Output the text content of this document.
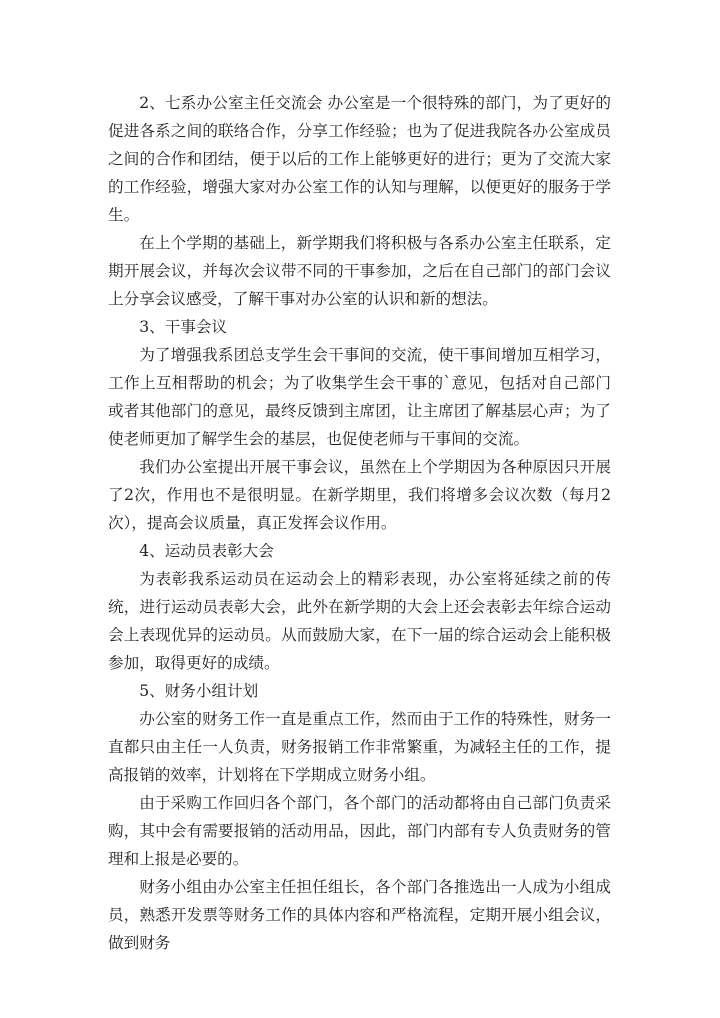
2、七系办公室主任交流会 办公室是一个很特殊的部门，为了更好的促进各系之间的联络合作，分享工作经验；也为了促进我院各办公室成员之间的合作和团结，便于以后的工作上能够更好的进行；更为了交流大家的工作经验，增强大家对办公室工作的认知与理解，以便更好的服务于学生。

在上个学期的基础上，新学期我们将积极与各系办公室主任联系，定期开展会议，并每次会议带不同的干事参加，之后在自己部门的部门会议上分享会议感受，了解干事对办公室的认识和新的想法。

3、干事会议

为了增强我系团总支学生会干事间的交流，使干事间增加互相学习，工作上互相帮助的机会；为了收集学生会干事的`意见，包括对自己部门或者其他部门的意见，最终反馈到主席团，让主席团了解基层心声；为了使老师更加了解学生会的基层，也促使老师与干事间的交流。

我们办公室提出开展干事会议，虽然在上个学期因为各种原因只开展了2次，作用也不是很明显。在新学期里，我们将增多会议次数（每月2次），提高会议质量，真正发挥会议作用。

4、运动员表彰大会

为表彰我系运动员在运动会上的精彩表现，办公室将延续之前的传统，进行运动员表彰大会，此外在新学期的大会上还会表彰去年综合运动会上表现优异的运动员。从而鼓励大家，在下一届的综合运动会上能积极参加，取得更好的成绩。

5、财务小组计划

办公室的财务工作一直是重点工作，然而由于工作的特殊性，财务一直都只由主任一人负责，财务报销工作非常繁重，为减轻主任的工作，提高报销的效率，计划将在下学期成立财务小组。

由于采购工作回归各个部门，各个部门的活动都将由自己部门负责采购，其中会有需要报销的活动用品，因此，部门内部有专人负责财务的管理和上报是必要的。

财务小组由办公室主任担任组长，各个部门各推选出一人成为小组成员，熟悉开发票等财务工作的具体内容和严格流程，定期开展小组会议，做到财务
